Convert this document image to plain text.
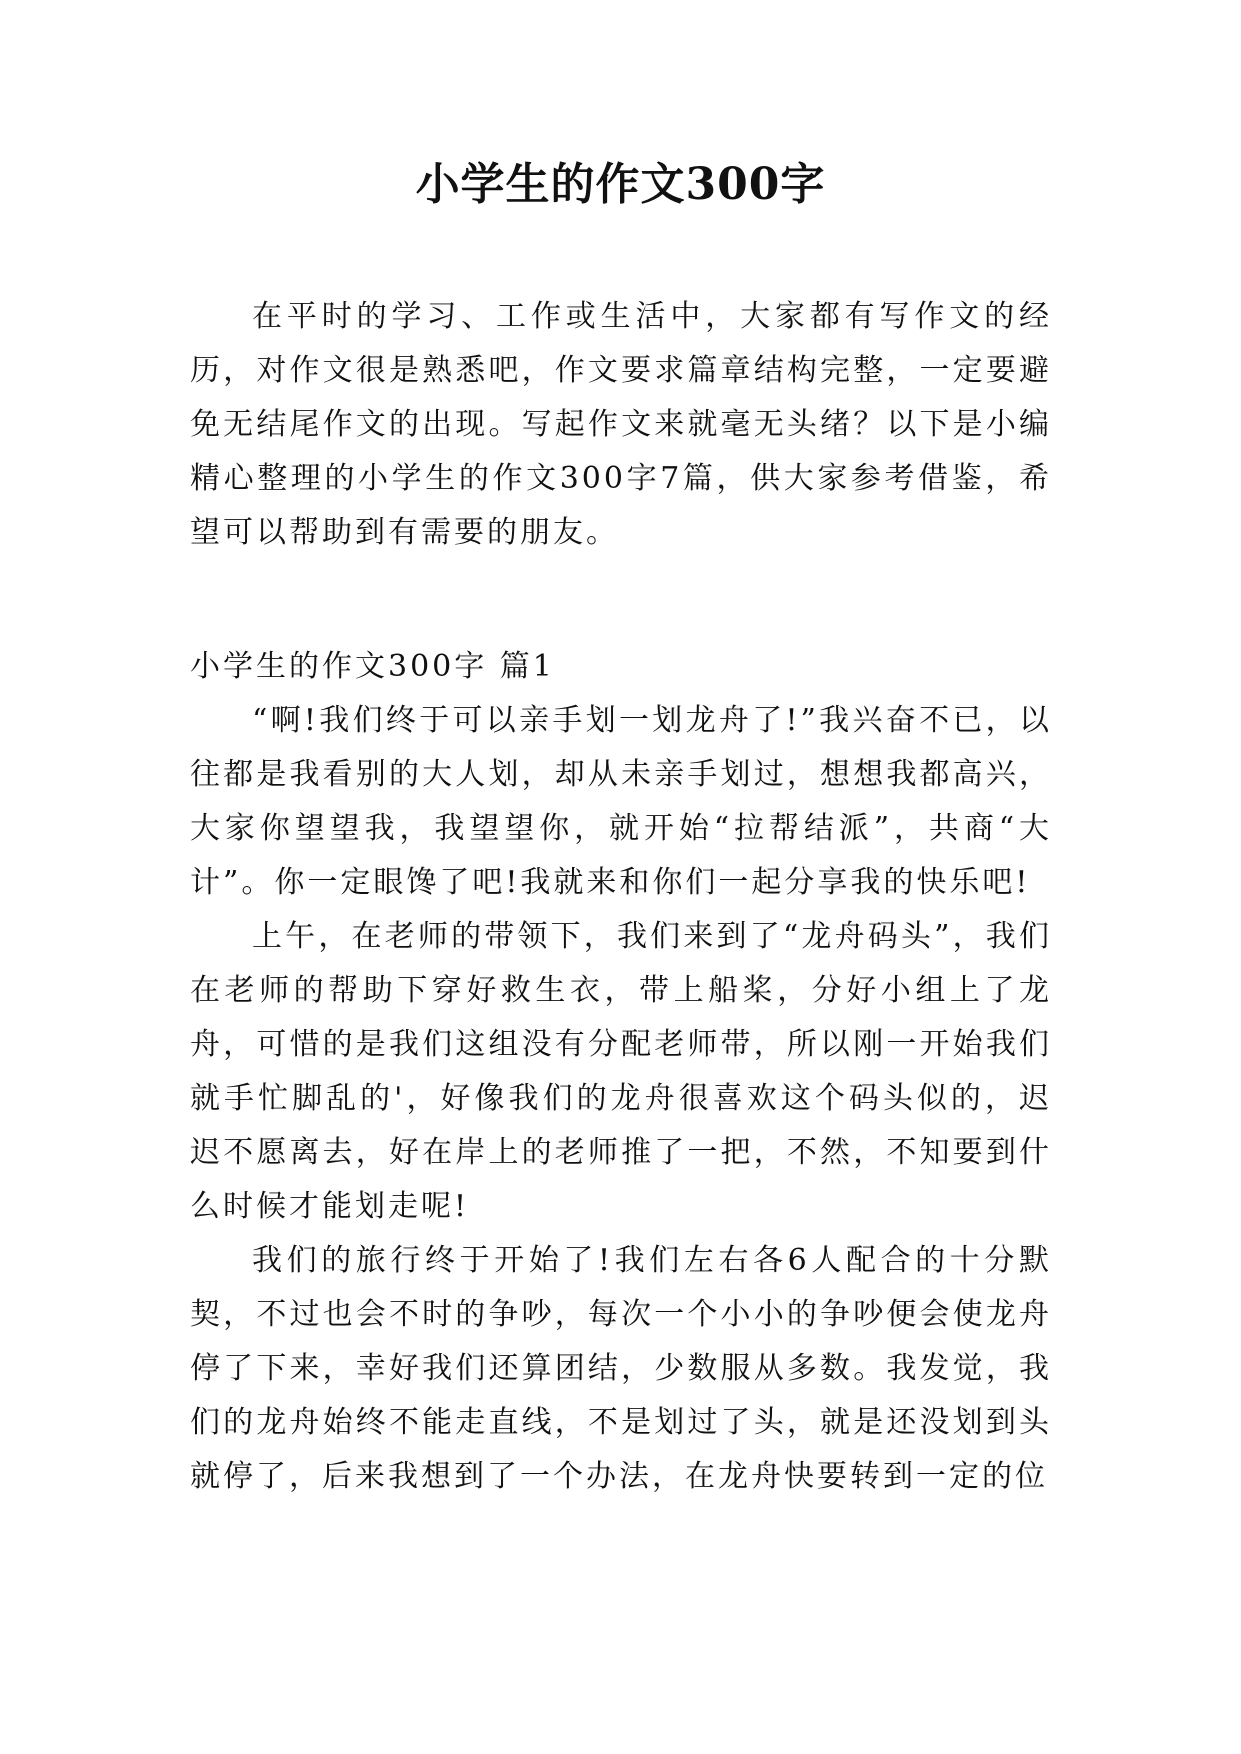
小学生的作文300字

在平时的学习、工作或生活中，大家都有写作文的经历，对作文很是熟悉吧，作文要求篇章结构完整，一定要避免无结尾作文的出现。写起作文来就毫无头绪？以下是小编精心整理的小学生的作文300字7篇，供大家参考借鉴，希望可以帮助到有需要的朋友。

小学生的作文300字 篇1

“啊!我们终于可以亲手划一划龙舟了!”我兴奋不已，以往都是我看别的大人划，却从未亲手划过，想想我都高兴，大家你望望我，我望望你，就开始“拉帮结派”，共商“大计”。你一定眼馋了吧!我就来和你们一起分享我的快乐吧!

上午，在老师的带领下，我们来到了“龙舟码头”，我们在老师的帮助下穿好救生衣，带上船桨，分好小组上了龙舟，可惜的是我们这组没有分配老师带，所以刚一开始我们就手忙脚乱的'，好像我们的龙舟很喜欢这个码头似的，迟迟不愿离去，好在岸上的老师推了一把，不然，不知要到什么时候才能划走呢!

我们的旅行终于开始了!我们左右各6人配合的十分默契，不过也会不时的争吵，每次一个小小的争吵便会使龙舟停了下来，幸好我们还算团结，少数服从多数。我发觉，我们的龙舟始终不能走直线，不是划过了头，就是还没划到头就停了，后来我想到了一个办法，在龙舟快要转到一定的位
